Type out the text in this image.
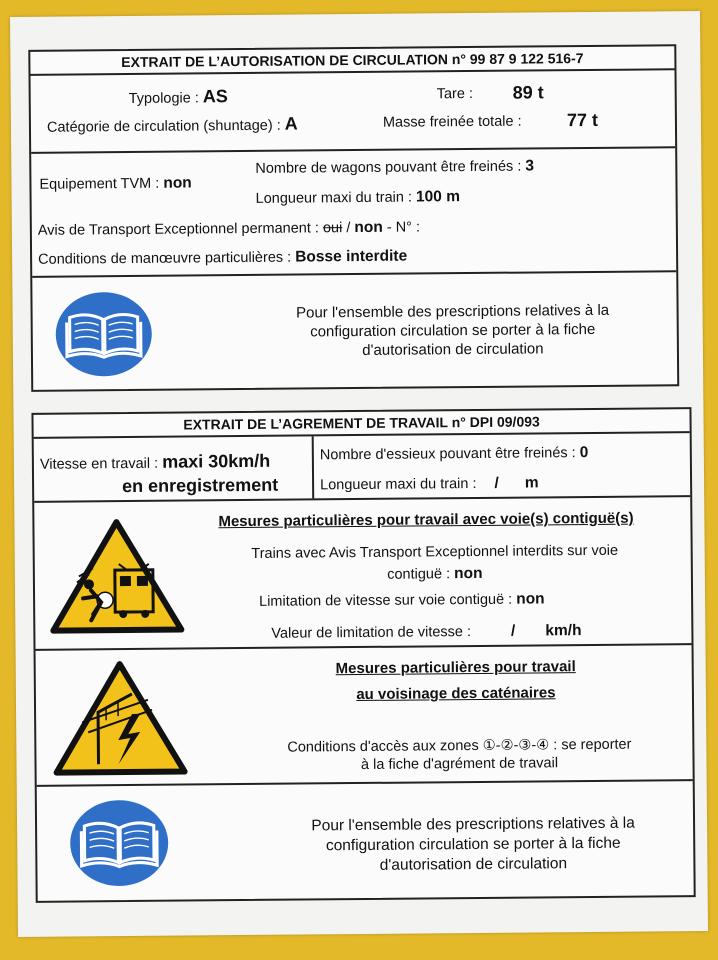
EXTRAIT DE L’AUTORISATION DE CIRCULATION n° 99 87 9 122 516-7
Typologie : AS	Tare : 89 t
Catégorie de circulation (shuntage) : A	Masse freinée totale :	77 t
Nombre de wagons pouvant être freinés : 3
Equipement TVM : non
Longueur maxi du train : 100 m
Avis de Transport Exceptionnel permanent : oui / non - N° :
Conditions de manœuvre particulières : Bosse interdite
Pour l'ensemble des prescriptions relatives à la
configuration circulation se porter à la fiche
d'autorisation de circulation
EXTRAIT DE L’AGREMENT DE TRAVAIL n° DPI 09/093
Vitesse en travail : maxi 30km/h
en enregistrement
Nombre d'essieux pouvant être freinés : 0
Longueur maxi du train : / m
Mesures particulières pour travail avec voie(s) contiguë(s)
Trains avec Avis Transport Exceptionnel interdits sur voie
contiguë : non
Limitation de vitesse sur voie contiguë : non
Valeur de limitation de vitesse :	/ km/h
Mesures particulières pour travail
au voisinage des caténaires
Conditions d'accès aux zones ①-②-③-④ : se reporter
à la fiche d'agrément de travail
Pour l'ensemble des prescriptions relatives à la
configuration circulation se porter à la fiche
d'autorisation de circulation
